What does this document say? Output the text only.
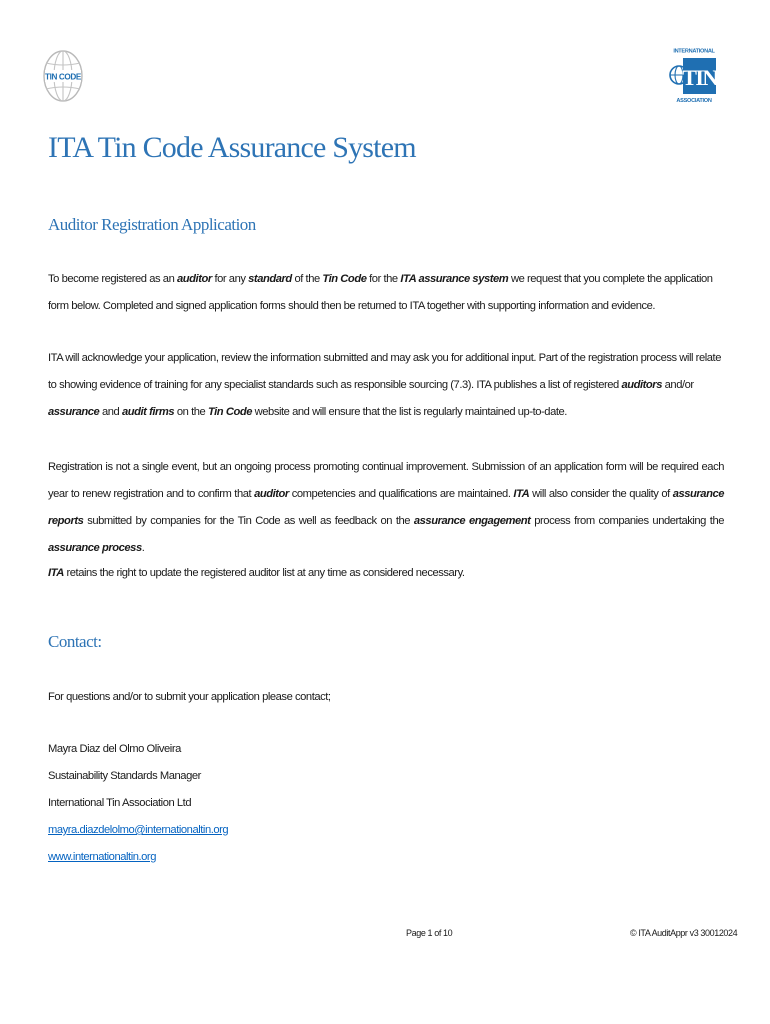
TIN CODE
INTERNATIONAL
TIN
ASSOCIATION
ITA Tin Code Assurance System
Auditor Registration Application

To become registered as an auditor for any standard of the Tin Code for the ITA assurance system we request that you complete the application form below. Completed and signed application forms should then be returned to ITA together with supporting information and evidence.

ITA will acknowledge your application, review the information submitted and may ask you for additional input. Part of the registration process will relate to showing evidence of training for any specialist standards such as responsible sourcing (7.3). ITA publishes a list of registered auditors and/or assurance and audit firms on the Tin Code website and will ensure that the list is regularly maintained up-to-date.

Registration is not a single event, but an ongoing process promoting continual improvement. Submission of an application form will be required each year to renew registration and to confirm that auditor competencies and qualifications are maintained. ITA will also consider the quality of assurance reports submitted by companies for the Tin Code as well as feedback on the assurance engagement process from companies undertaking the assurance process.

ITA retains the right to update the registered auditor list at any time as considered necessary.

Contact:

For questions and/or to submit your application please contact;

Mayra Diaz del Olmo Oliveira

Sustainability Standards Manager

International Tin Association Ltd

mayra.diazdelolmo@internationaltin.org

www.internationaltin.org

Page 1 of 10	© ITA AuditAppr v3 30012024
